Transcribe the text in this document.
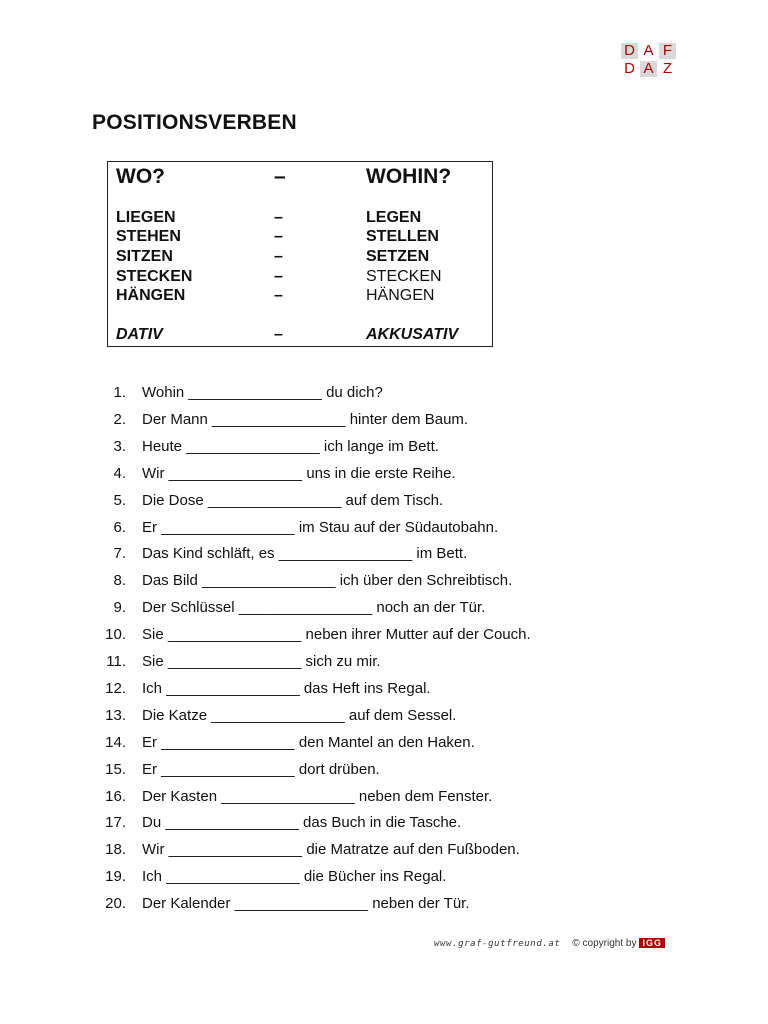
D A F
D A Z
POSITIONSVERBEN
WO?	–	WOHIN?
LIEGEN	–	LEGEN
STEHEN	–	STELLEN
SITZEN	–	SETZEN
STECKEN	–	STECKEN
HÄNGEN	–	HÄNGEN
DATIV	–	AKKUSATIV
1. Wohin ________________ du dich?
2. Der Mann ________________ hinter dem Baum.
3. Heute ________________ ich lange im Bett.
4. Wir ________________ uns in die erste Reihe.
5. Die Dose ________________ auf dem Tisch.
6. Er ________________ im Stau auf der Südautobahn.
7. Das Kind schläft, es ________________ im Bett.
8. Das Bild ________________ ich über den Schreibtisch.
9. Der Schlüssel ________________ noch an der Tür.
10. Sie ________________ neben ihrer Mutter auf der Couch.
11. Sie ________________ sich zu mir.
12. Ich ________________ das Heft ins Regal.
13. Die Katze ________________ auf dem Sessel.
14. Er ________________ den Mantel an den Haken.
15. Er ________________ dort drüben.
16. Der Kasten ________________ neben dem Fenster.
17. Du ________________ das Buch in die Tasche.
18. Wir ________________ die Matratze auf den Fußboden.
19. Ich ________________ die Bücher ins Regal.
20. Der Kalender ________________ neben der Tür.
www.graf-gutfreund.at © copyright by IGG
